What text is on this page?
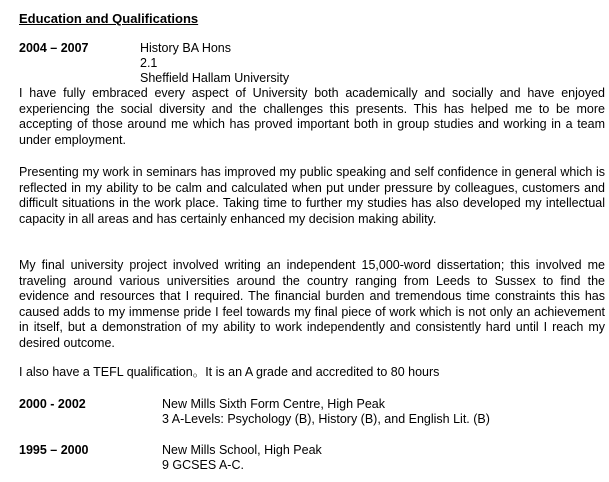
Education and Qualifications
2004 – 2007	History BA Hons
2.1
Sheffield Hallam University

I have fully embraced every aspect of University both academically and socially and have enjoyed experiencing the social diversity and the challenges this presents. This has helped me to be more accepting of those around me which has proved important both in group studies and working in a team under employment.

Presenting my work in seminars has improved my public speaking and self confidence in general which is reflected in my ability to be calm and calculated when put under pressure by colleagues, customers and difficult situations in the work place. Taking time to further my studies has also developed my intellectual capacity in all areas and has certainly enhanced my decision making ability.

My final university project involved writing an independent 15,000-word dissertation; this involved me traveling around various universities around the country ranging from Leeds to Sussex to find the evidence and resources that I required. The financial burden and tremendous time constraints this has caused adds to my immense pride I feel towards my final piece of work which is not only an achievement in itself, but a demonstration of my ability to work independently and consistently hard until I reach my desired outcome.

I also have a TEFL qualification。It is an A grade and accredited to 80 hours

2000 - 2002	New Mills Sixth Form Centre, High Peak
3 A-Levels: Psychology (B), History (B), and English Lit. (B)
1995 – 2000	New Mills School, High Peak
9 GCSES A-C.
